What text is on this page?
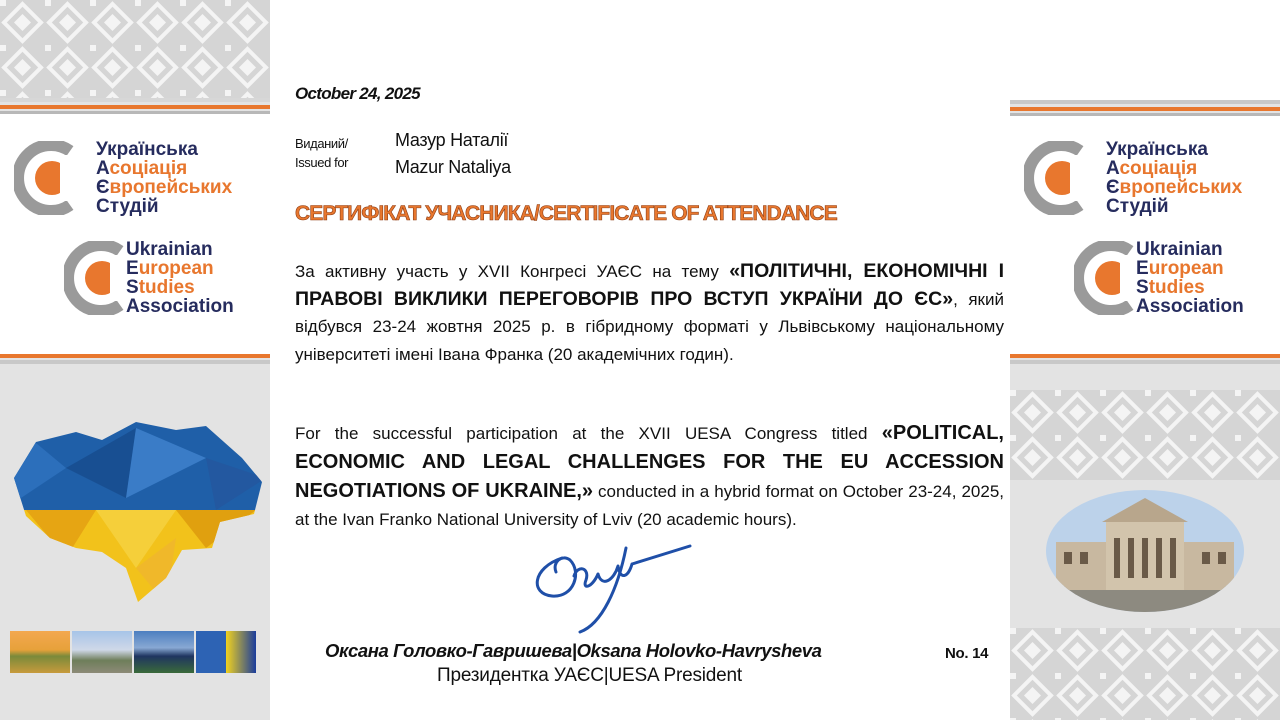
Українська
Асоціація
Європейських
Студій
Ukrainian
European
Studies
Association
Українська
Асоціація
Європейських
Студій
Ukrainian
European
Studies
Association
October 24, 2025
Виданий/
Issued for
Мазур Наталії
Mazur Nataliya
СЕРТИФІКАТ УЧАСНИКА/CERTIFICATE OF ATTENDANCE
За активну участь у XVII Конгресі УАЄС на тему «ПОЛІТИЧНІ, ЕКОНОМІЧНІ І ПРАВОВІ ВИКЛИКИ ПЕРЕГОВОРІВ ПРО ВСТУП УКРАЇНИ ДО ЄС», який відбувся 23-24 жовтня 2025 р. в гібридному форматі у Львівському національному університеті імені Івана Франка (20 академічних годин).
For the successful participation at the XVII UESA Congress titled «POLITICAL, ECONOMIC AND LEGAL CHALLENGES FOR THE EU ACCESSION NEGOTIATIONS OF UKRAINE,» conducted in a hybrid format on October 23-24, 2025, at the Ivan Franko National University of Lviv (20 academic hours).
Оксана Головко-Гавришева|Oksana Holovko-Havrysheva
Президентка УАЄС|UESA President
No. 14
